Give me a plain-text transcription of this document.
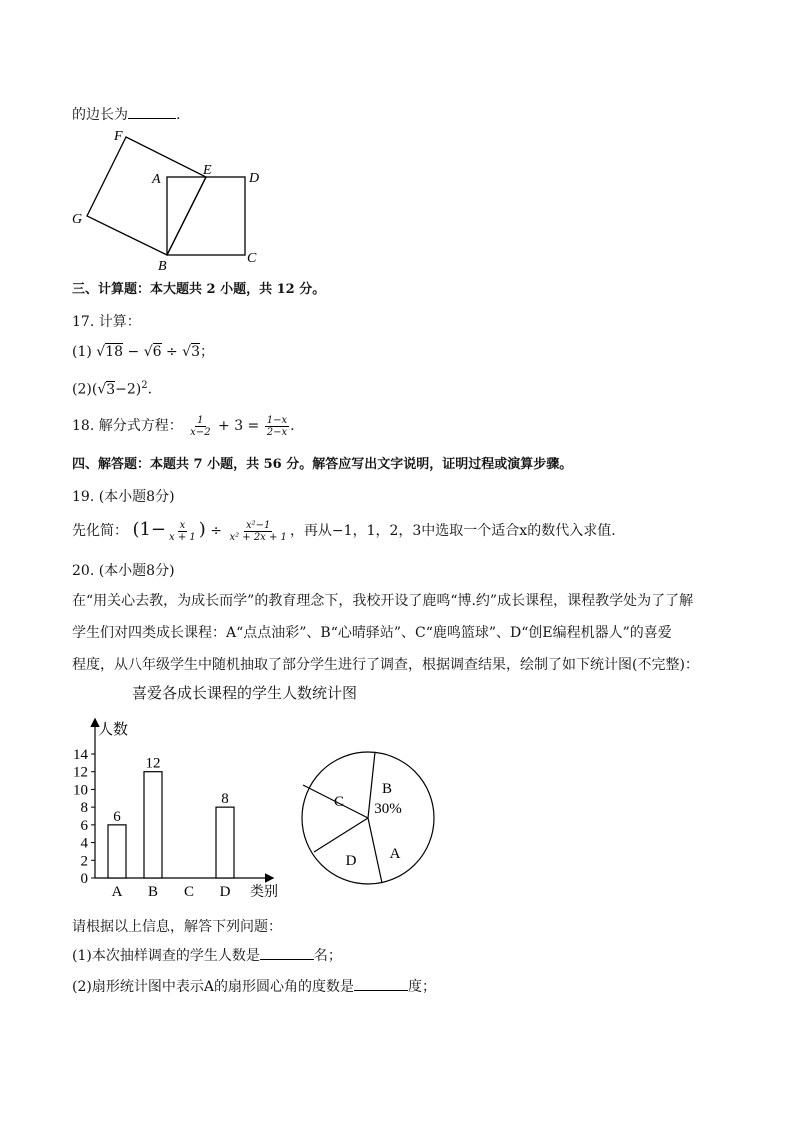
的边长为	.
F
E
A	D
G
B
C
三、计算题：本大题共 2 小题，共 12 分。
17. 计算：
(1) √18 − √6 ÷ √3；
$(2)(√3-2)^2$.
18. 解分式方程： $\frac{1}{x-2} + 3 = \frac{1-x}{2-x}$ .
四、解答题：本题共 7 小题，共 56 分。解答应写出文字说明，证明过程或演算步骤。
19. (本小题8分)
先化简： ($1- \frac{x}{x + 1}$ ) ÷ $\frac{\text{x²−1}}{\text{x² + 2x + 1}}$ ，再从−1，1，2，3中选取一个适合x的数代入求值.
20. (本小题8分)
在“用关心去教，为成长而学”的教育理念下，我校开设了鹿鸣“博.约”成长课程，课程教学处为了了解
学生们对四类成长课程：A“点点油彩”、B“心晴驿站”、C“鹿鸣篮球”、D“创E编程机器人”的喜爱
程度，从八年级学生中随机抽取了部分学生进行了调查，根据调查结果，绘制了如下统计图(不完整)：
喜爱各成长课程的学生人数统计图
人数
类别
0
2
4
6
8
10
12
14
A
6
B
12
C D
8
B
30%
A
D
C
请根据以上信息，解答下列问题：
(1)本次抽样调查的学生人数是	名；
(2)扇形统计图中表示A的扇形圆心角的度数是	度；
